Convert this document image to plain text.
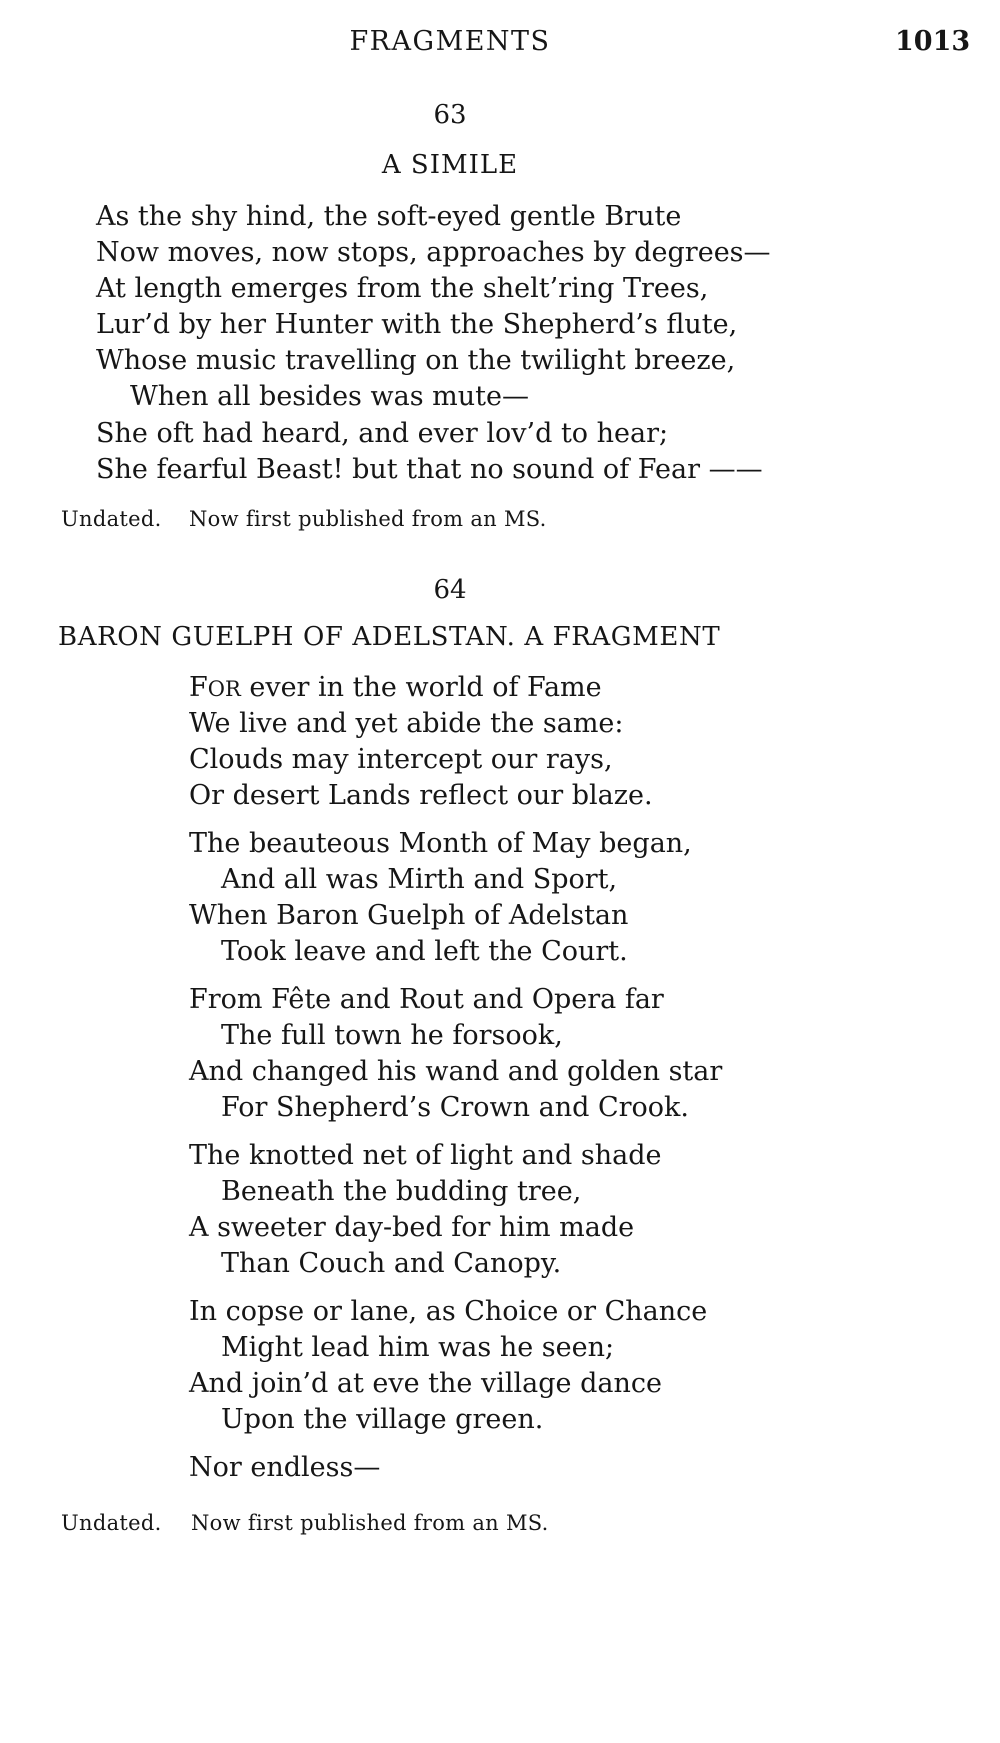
FRAGMENTS	1013
63
A SIMILE
As the shy hind, the soft-eyed gentle Brute
Now moves, now stops, approaches by degrees—
At length emerges from the shelt’ring Trees,
Lur’d by her Hunter with the Shepherd’s flute,
Whose music travelling on the twilight breeze,
When all besides was mute—
She oft had heard, and ever lov’d to hear;
She fearful Beast! but that no sound of Fear ——
Undated. Now first published from an MS.
64
BARON GUELPH OF ADELSTAN. A FRAGMENT
FOR ever in the world of Fame
We live and yet abide the same:
Clouds may intercept our rays,
Or desert Lands reflect our blaze.
The beauteous Month of May began,
And all was Mirth and Sport,
When Baron Guelph of Adelstan
Took leave and left the Court.
From Fête and Rout and Opera far
The full town he forsook,
And changed his wand and golden star
For Shepherd’s Crown and Crook.
The knotted net of light and shade
Beneath the budding tree,
A sweeter day-bed for him made
Than Couch and Canopy.
In copse or lane, as Choice or Chance
Might lead him was he seen;
And join’d at eve the village dance
Upon the village green.
Nor endless—
Undated. Now first published from an MS.
